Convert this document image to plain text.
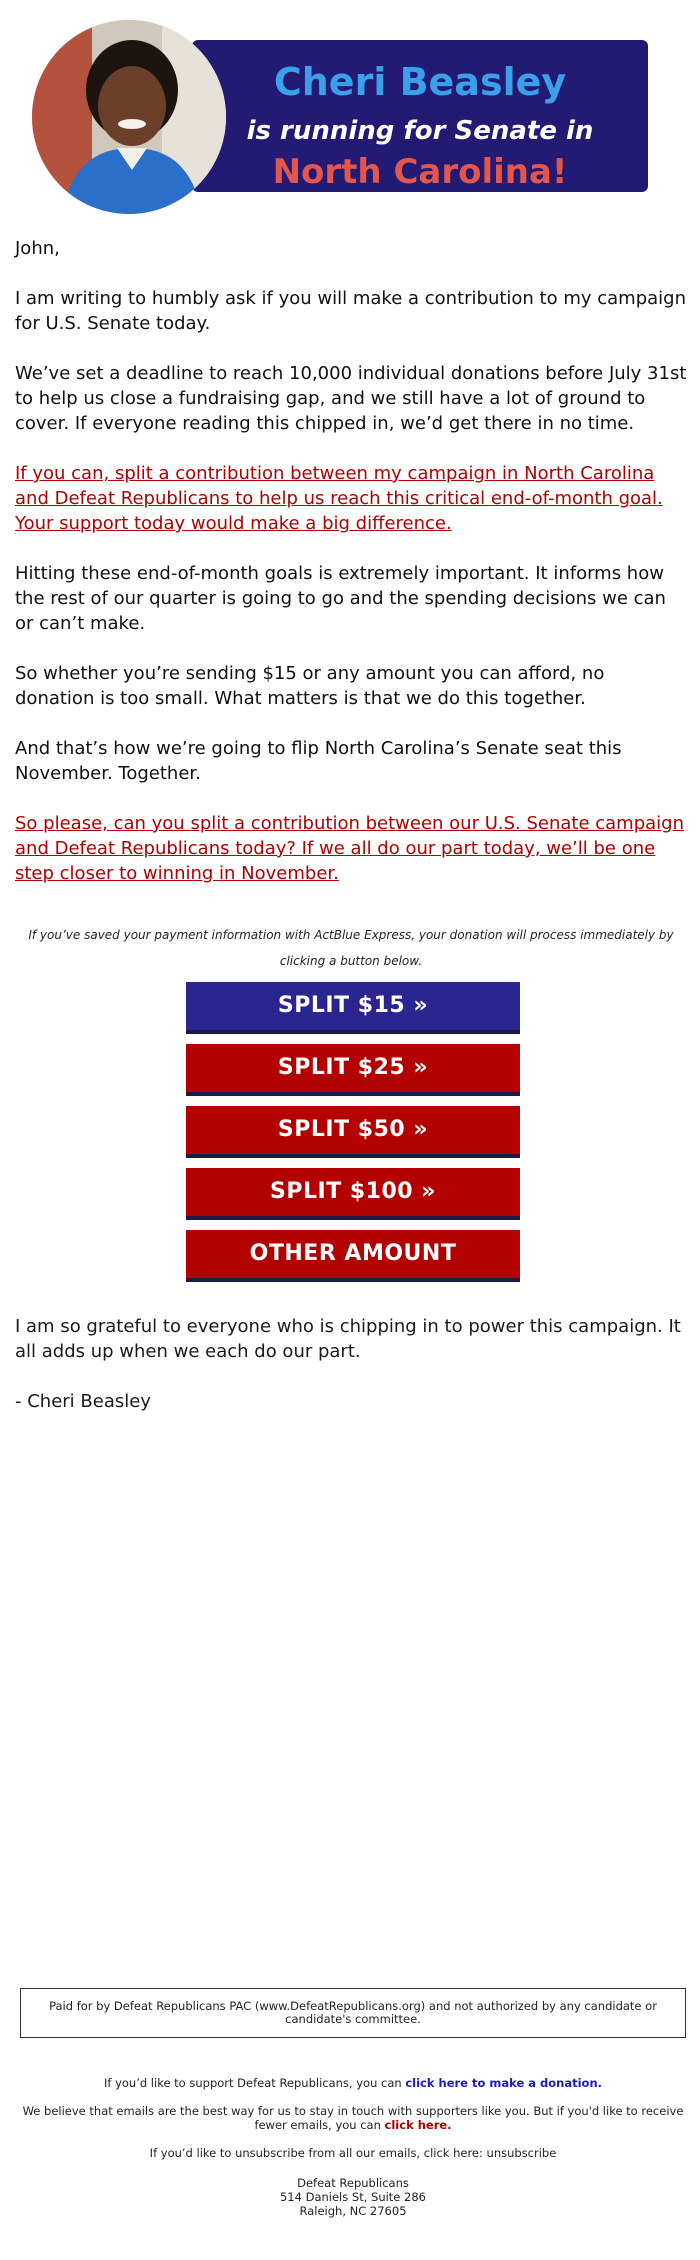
Cheri Beasley
is running for Senate in
North Carolina!

John,

I am writing to humbly ask if you will make a contribution to my campaign for U.S. Senate today.

We’ve set a deadline to reach 10,000 individual donations before July 31st to help us close a fundraising gap, and we still have a lot of ground to cover. If everyone reading this chipped in, we’d get there in no time.

If you can, split a contribution between my campaign in North Carolina and Defeat Republicans to help us reach this critical end-of-month goal. Your support today would make a big difference.

Hitting these end-of-month goals is extremely important. It informs how the rest of our quarter is going to go and the spending decisions we can or can’t make.

So whether you’re sending $15 or any amount you can afford, no donation is too small. What matters is that we do this together.

And that’s how we’re going to flip North Carolina’s Senate seat this November. Together.

So please, can you split a contribution between our U.S. Senate campaign and Defeat Republicans today? If we all do our part today, we’ll be one step closer to winning in November.

If you’ve saved your payment information with ActBlue Express, your donation will process immediately by clicking a button below.
SPLIT $15 »
SPLIT $25 »
SPLIT $50 »
SPLIT $100 »
OTHER AMOUNT

I am so grateful to everyone who is chipping in to power this campaign. It all adds up when we each do our part.

- Cheri Beasley

Paid for by Defeat Republicans PAC (www.DefeatRepublicans.org) and not authorized by any candidate or candidate's committee.
If you’d like to support Defeat Republicans, you can click here to make a donation.
We believe that emails are the best way for us to stay in touch with supporters like you. But if you'd like to receive fewer emails, you can click here.
If you’d like to unsubscribe from all our emails, click here: unsubscribe
Defeat Republicans
514 Daniels St, Suite 286
Raleigh, NC 27605
